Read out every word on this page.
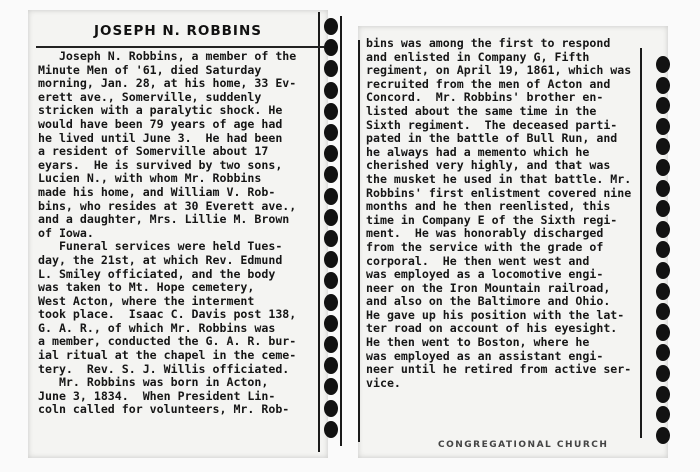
JOSEPH N. ROBBINS
Joseph N. Robbins, a member of the
Minute Men of '61, died Saturday
morning, Jan. 28, at his home, 33 Ev-
erett ave., Somerville, suddenly
stricken with a paralytic shock. He
would have been 79 years of age had
he lived until June 3.  He had been
a resident of Somerville about 17
eyars.  He is survived by two sons,
Lucien N., with whom Mr. Robbins
made his home, and William V. Rob-
bins, who resides at 30 Everett ave.,
and a daughter, Mrs. Lillie M. Brown
of Iowa.
Funeral services were held Tues-
day, the 21st, at which Rev. Edmund
L. Smiley officiated, and the body
was taken to Mt. Hope cemetery,
West Acton, where the interment
took place.  Isaac C. Davis post 138,
G. A. R., of which Mr. Robbins was
a member, conducted the G. A. R. bur-
ial ritual at the chapel in the ceme-
tery.  Rev. S. J. Willis officiated.
Mr. Robbins was born in Acton,
June 3, 1834.  When President Lin-
coln called for volunteers, Mr. Rob-
bins was among the first to respond
and enlisted in Company G, Fifth
regiment, on April 19, 1861, which was
recruited from the men of Acton and
Concord.  Mr. Robbins' brother en-
listed about the same time in the
Sixth regiment.  The deceased parti-
pated in the battle of Bull Run, and
he always had a memento which he
cherished very highly, and that was
the musket he used in that battle. Mr.
Robbins' first enlistment covered nine
months and he then reenlisted, this
time in Company E of the Sixth regi-
ment.  He was honorably discharged
from the service with the grade of
corporal.  He then went west and
was employed as a locomotive engi-
neer on the Iron Mountain railroad,
and also on the Baltimore and Ohio.
He gave up his position with the lat-
ter road on account of his eyesight.
He then went to Boston, where he
was employed as an assistant engi-
neer until he retired from active ser-
vice.
CONGREGATIONAL CHURCH
